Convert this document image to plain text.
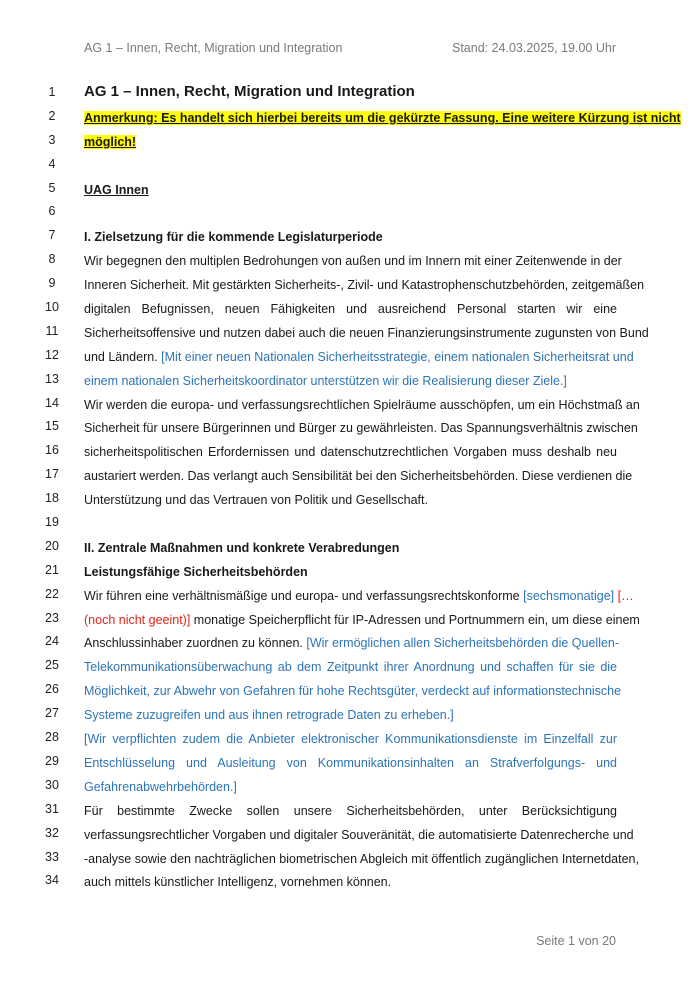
AG 1 – Innen, Recht, Migration und Integration	Stand: 24.03.2025, 19.00 Uhr
1	AG 1 – Innen, Recht, Migration und Integration
2	Anmerkung: Es handelt sich hierbei bereits um die gekürzte Fassung. Eine weitere Kürzung ist nicht
3	möglich!
4
5	UAG Innen
6
7	I. Zielsetzung für die kommende Legislaturperiode
8	Wir begegnen den multiplen Bedrohungen von außen und im Innern mit einer Zeitenwende in der
9	Inneren Sicherheit. Mit gestärkten Sicherheits-, Zivil- und Katastrophenschutzbehörden, zeitgemäßen
10	digitalen Befugnissen, neuen Fähigkeiten und ausreichend Personal starten wir eine
11	Sicherheitsoffensive und nutzen dabei auch die neuen Finanzierungsinstrumente zugunsten von Bund
12	und Ländern. [Mit einer neuen Nationalen Sicherheitsstrategie, einem nationalen Sicherheitsrat und
13	einem nationalen Sicherheitskoordinator unterstützen wir die Realisierung dieser Ziele.]
14	Wir werden die europa- und verfassungsrechtlichen Spielräume ausschöpfen, um ein Höchstmaß an
15	Sicherheit für unsere Bürgerinnen und Bürger zu gewährleisten. Das Spannungsverhältnis zwischen
16	sicherheitspolitischen Erfordernissen und datenschutzrechtlichen Vorgaben muss deshalb neu
17	austariert werden. Das verlangt auch Sensibilität bei den Sicherheitsbehörden. Diese verdienen die
18	Unterstützung und das Vertrauen von Politik und Gesellschaft.
19
20	II. Zentrale Maßnahmen und konkrete Verabredungen
21	Leistungsfähige Sicherheitsbehörden
22	Wir führen eine verhältnismäßige und europa- und verfassungsrechtskonforme [sechsmonatige] […
23	(noch nicht geeint)] monatige Speicherpflicht für IP-Adressen und Portnummern ein, um diese einem
24	Anschlussinhaber zuordnen zu können. [Wir ermöglichen allen Sicherheitsbehörden die Quellen-
25	Telekommunikationsüberwachung ab dem Zeitpunkt ihrer Anordnung und schaffen für sie die
26	Möglichkeit, zur Abwehr von Gefahren für hohe Rechtsgüter, verdeckt auf informationstechnische
27	Systeme zuzugreifen und aus ihnen retrograde Daten zu erheben.]
28	[Wir verpflichten zudem die Anbieter elektronischer Kommunikationsdienste im Einzelfall zur
29	Entschlüsselung und Ausleitung von Kommunikationsinhalten an Strafverfolgungs- und
30	Gefahrenabwehrbehörden.]
31	Für bestimmte Zwecke sollen unsere Sicherheitsbehörden, unter Berücksichtigung
32	verfassungsrechtlicher Vorgaben und digitaler Souveränität, die automatisierte Datenrecherche und
33	-analyse sowie den nachträglichen biometrischen Abgleich mit öffentlich zugänglichen Internetdaten,
34	auch mittels künstlicher Intelligenz, vornehmen können.
Seite 1 von 20
